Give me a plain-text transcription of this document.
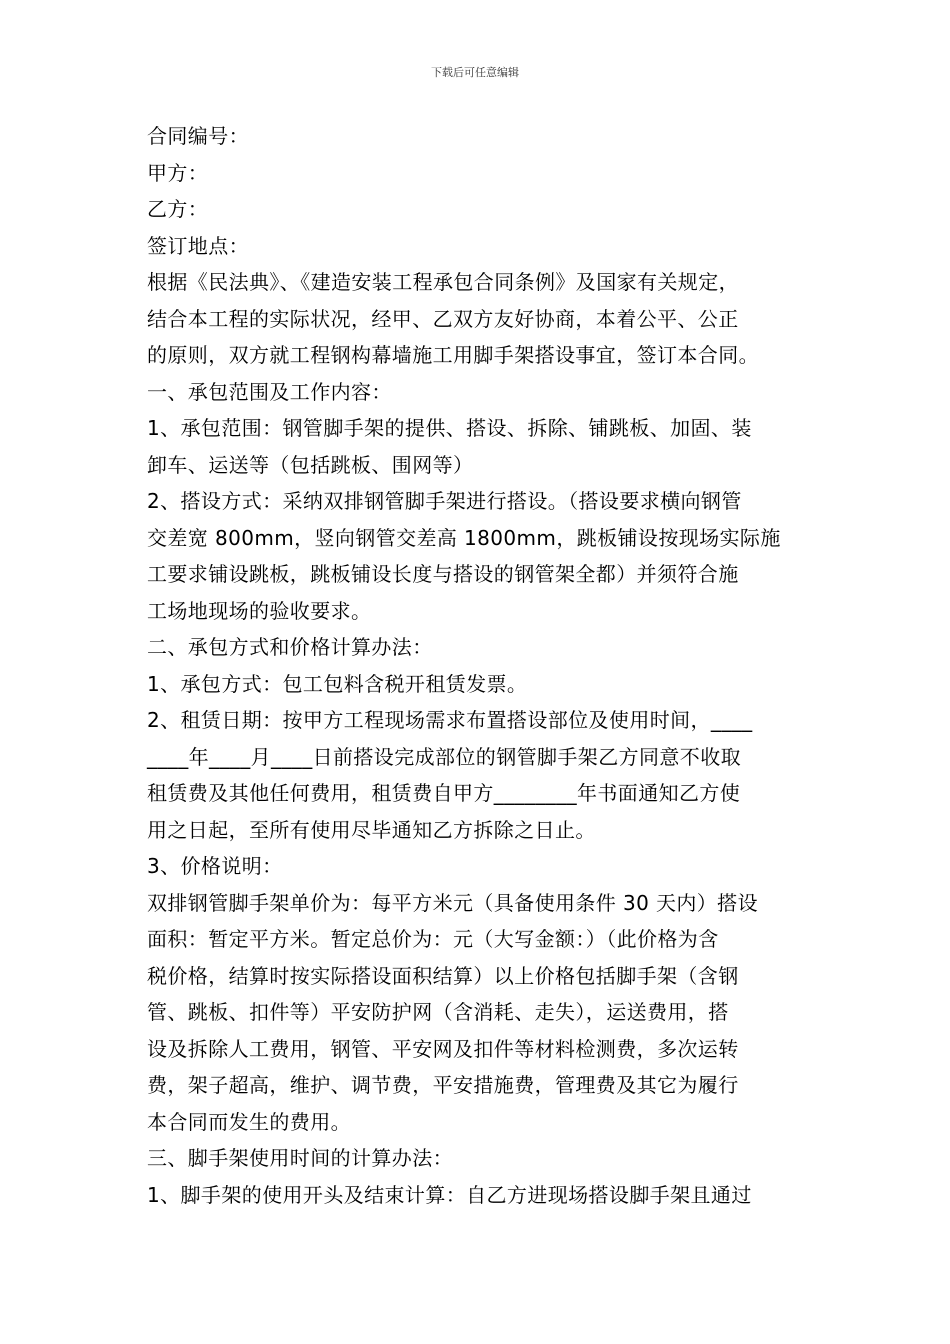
下载后可任意编辑
合同编号：
甲方：
乙方：
签订地点：
根据《民法典》、《建造安装工程承包合同条例》及国家有关规定，
结合本工程的实际状况，经甲、乙双方友好协商，本着公平、公正
的原则，双方就工程钢构幕墙施工用脚手架搭设事宜，签订本合同。
一、承包范围及工作内容：
1、承包范围：钢管脚手架的提供、搭设、拆除、铺跳板、加固、装
卸车、运送等（包括跳板、围网等）
2、搭设方式：采纳双排钢管脚手架进行搭设。（搭设要求横向钢管
交差宽 800mm，竖向钢管交差高 1800mm，跳板铺设按现场实际施
工要求铺设跳板，跳板铺设长度与搭设的钢管架全都）并须符合施
工场地现场的验收要求。
二、承包方式和价格计算办法：
1、承包方式：包工包料含税开租赁发票。
2、租赁日期：按甲方工程现场需求布置搭设部位及使用时间，____
____年____月____日前搭设完成部位的钢管脚手架乙方同意不收取
租赁费及其他任何费用，租赁费自甲方________年书面通知乙方使
用之日起，至所有使用尽毕通知乙方拆除之日止。
3、价格说明：
双排钢管脚手架单价为：每平方米元（具备使用条件 30 天内）搭设
面积：暂定平方米。暂定总价为：元（大写金额：）（此价格为含
税价格，结算时按实际搭设面积结算）以上价格包括脚手架（含钢
管、跳板、扣件等）平安防护网（含消耗、走失），运送费用，搭
设及拆除人工费用，钢管、平安网及扣件等材料检测费，多次运转
费，架子超高，维护、调节费，平安措施费，管理费及其它为履行
本合同而发生的费用。
三、脚手架使用时间的计算办法：
1、脚手架的使用开头及结束计算：自乙方进现场搭设脚手架且通过
